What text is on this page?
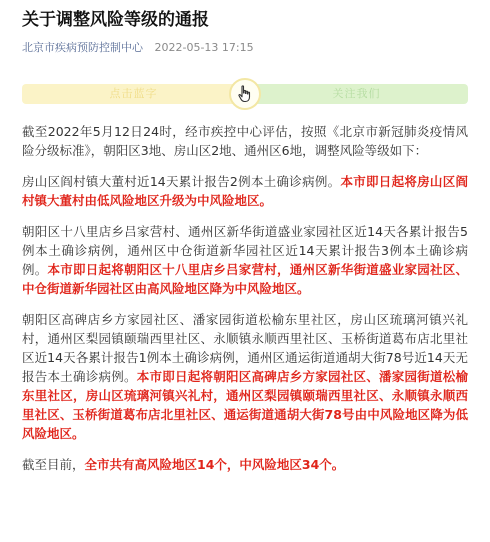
关于调整风险等级的通报
北京市疾病预防控制中心 2022-05-13 17:15
点击蓝字	关注我们

截至2022年5月12日24时，经市疾控中心评估，按照《北京市新冠肺炎疫情风险分级标准》，朝阳区3地、房山区2地、通州区6地，调整风险等级如下：

房山区阎村镇大董村近14天累计报告2例本土确诊病例。本市即日起将房山区阎村镇大董村由低风险地区升级为中风险地区。

朝阳区十八里店乡吕家营村、通州区新华街道盛业家园社区近14天各累计报告5例本土确诊病例，通州区中仓街道新华园社区近14天累计报告3例本土确诊病例。本市即日起将朝阳区十八里店乡吕家营村，通州区新华街道盛业家园社区、中仓街道新华园社区由高风险地区降为中风险地区。

朝阳区高碑店乡方家园社区、潘家园街道松榆东里社区，房山区琉璃河镇兴礼村，通州区梨园镇颐瑞西里社区、永顺镇永顺西里社区、玉桥街道葛布店北里社区近14天各累计报告1例本土确诊病例，通州区通运街道通胡大街78号近14天无报告本土确诊病例。本市即日起将朝阳区高碑店乡方家园社区、潘家园街道松榆东里社区，房山区琉璃河镇兴礼村，通州区梨园镇颐瑞西里社区、永顺镇永顺西里社区、玉桥街道葛布店北里社区、通运街道通胡大街78号由中风险地区降为低风险地区。

截至目前，全市共有高风险地区14个，中风险地区34个。
